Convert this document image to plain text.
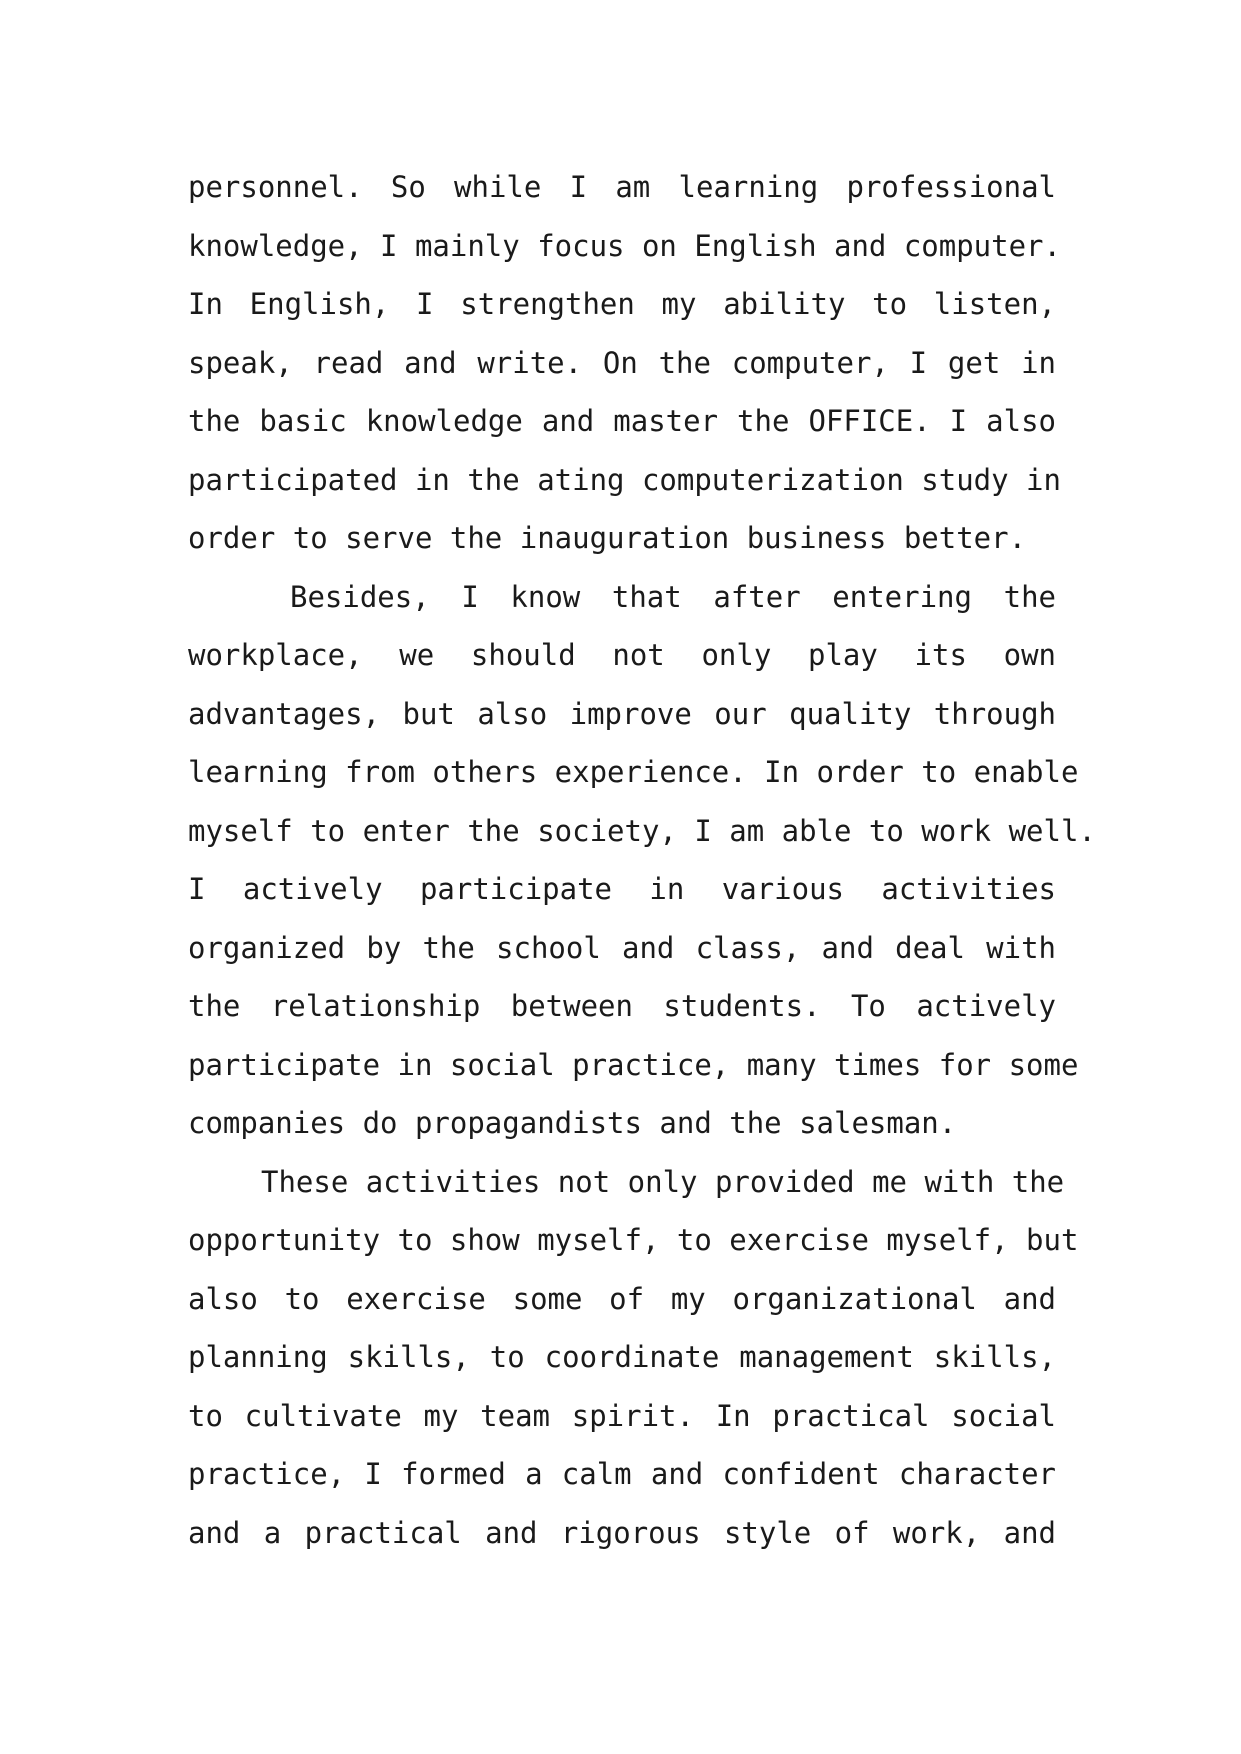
personnel. So while I am learning professional
knowledge, I mainly focus on English and computer.
In English, I strengthen my ability to listen,
speak, read and write. On the computer, I get in
the basic knowledge and master the OFFICE. I also
participated in the ating computerization study in
order to serve the inauguration business better.
Besides, I know that after entering the
workplace, we should not only play its own
advantages, but also improve our quality through
learning from others experience. In order to enable
myself to enter the society, I am able to work well.
I actively participate in various activities
organized by the school and class, and deal with
the relationship between students. To actively
participate in social practice, many times for some
companies do propagandists and the salesman.
These activities not only provided me with the
opportunity to show myself, to exercise myself, but
also to exercise some of my organizational and
planning skills, to coordinate management skills,
to cultivate my team spirit. In practical social
practice, I formed a calm and confident character
and a practical and rigorous style of work, and
